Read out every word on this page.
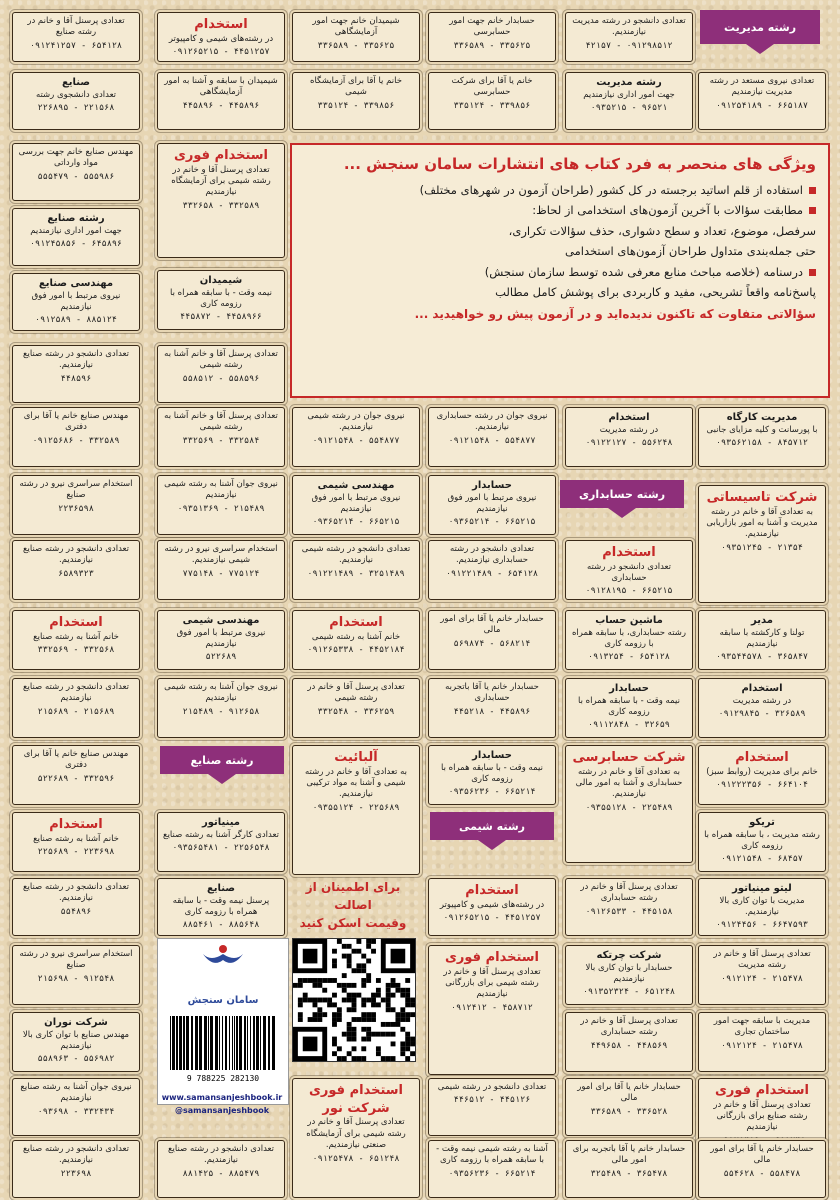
رشته مدیریت
رشته حسابداری
رشته شیمی
رشته صنایع
ویژگی های منحصر به فرد کتاب های انتشارات سامان سنجش ...
استفاده از قلم اساتید برجسته در کل کشور (طراحان آزمون در شهرهای مختلف)
مطابقت سؤالات با آخرین آزمون‌های استخدامی از لحاظ:
سرفصل، موضوع، تعداد و سطح دشواری، حذف سؤالات تکراری،
حتی جمله‌بندی متداول طراحان آزمون‌های استخدامی
درسنامه (خلاصه مباحث منابع معرفی شده توسط سازمان سنجش)
پاسخ‌نامه واقعاً تشریحی، مفید و کاربردی برای پوشش کامل مطالب
سؤالاتی متفاوت که تاکنون ندیده‌اید و در آزمون پیش رو خواهیدید ...
تعدادی دانشجو در رشته مدیریت نیازمندیم.
۴۲۱۵۷ - ۰۹۱۲۹۸۵۱۲
حسابدار خانم جهت امور حسابرسی
۳۳۶۵۸۹ - ۳۳۵۶۲۵
شیمیدان خانم جهت امور آزمایشگاهی
۳۳۶۵۸۹ - ۳۳۵۶۲۵
استخدام
در رشته‌های شیمی و کامپیوتر
۰۹۱۲۶۵۲۱۵ - ۴۴۵۱۲۵۷
تعدادی پرسنل آقا و خانم در رشته صنایع
۰۹۱۲۴۱۲۵۷ - ۶۵۴۱۲۸
تعدادی نیروی مستعد در رشته مدیریت نیازمندیم
۰۹۱۲۵۴۱۸۹ - ۶۶۵۱۸۷
رشته مدیریت
جهت امور اداری نیازمندیم
۰۹۳۵۲۱۵ - ۹۶۵۲۱
خانم یا آقا برای شرکت حسابرسی
۳۳۵۱۲۴ - ۳۳۹۸۵۶
خانم یا آقا برای آزمایشگاه شیمی
۳۳۵۱۲۴ - ۳۳۹۸۵۶
شیمیدان با سابقه و آشنا به امور آزمایشگاهی
۴۴۵۸۹۶ - ۴۴۵۸۹۶
صنایع
تعدادی دانشجوی رشته
۲۲۶۸۹۵ - ۲۲۱۵۶۸
مهندس صنایع خانم جهت بررسی مواد وارداتی
۵۵۵۴۷۹ - ۵۵۵۹۸۶
استخدام فوری
تعدادی پرسنل آقا و خانم در رشته شیمی برای آزمایشگاه نیازمندیم
۳۳۲۶۵۸ - ۳۳۲۵۸۹
رشته صنایع
جهت امور اداری نیازمندیم
۰۹۱۲۴۵۸۵۶ - ۶۴۵۸۹۶
مهندسی صنایع
نیروی مرتبط با امور فوق نیازمندیم
۰۹۱۲۵۸۹ - ۸۸۵۱۲۴
شیمیدان
نیمه وقت - با سابقه همراه با رزومه کاری
۴۴۵۸۷۲ - ۴۴۵۸۹۶۶
تعدادی دانشجو در رشته صنایع نیازمندیم.
۴۴۸۵۹۶
تعدادی پرسنل آقا و خانم آشنا به رشته شیمی
۵۵۸۵۱۲ - ۵۵۸۵۹۶
مدیریت کارگاه
با پورسانت و کلیه مزایای جانبی
۰۹۳۵۶۲۱۵۸ - ۸۴۵۷۱۲
استخدام
در رشته مدیریت
۰۹۱۲۲۱۲۷ - ۵۵۶۲۴۸
نیروی جوان در رشته حسابداری نیازمندیم.
۰۹۱۲۱۵۴۸ - ۵۵۴۸۷۷
نیروی جوان در رشته شیمی نیازمندیم.
۰۹۱۲۱۵۴۸ - ۵۵۴۸۷۷
تعدادی پرسنل آقا و خانم آشنا به رشته شیمی
۳۳۲۵۶۹ - ۳۳۲۵۸۴
مهندس صنایع خانم یا آقا برای دفتری
۰۹۱۲۵۶۸۶ - ۳۳۲۵۸۹
شرکت تاسیساتی
به تعدادی آقا و خانم در رشته مدیریت و آشنا به امور بازاریابی نیازمندیم.
۰۹۳۵۱۲۴۵ - ۲۱۳۵۴
حسابدار
نیروی مرتبط با امور فوق نیازمندیم
۰۹۳۶۵۲۱۴ - ۶۶۵۲۱۵
مهندسی شیمی
نیروی مرتبط با امور فوق نیازمندیم
۰۹۳۶۵۲۱۴ - ۶۶۵۲۱۵
نیروی جوان آشنا به رشته شیمی نیازمندیم
۰۹۳۵۱۳۶۹ - ۲۱۵۴۸۹
استخدام سراسری نیرو در رشته صنایع
۲۲۳۶۵۹۸
استخدام
تعدادی دانشجو در رشته حسابداری
۰۹۱۲۸۱۹۵ - ۶۶۵۲۱۵
تعدادی دانشجو در رشته حسابداری نیازمندیم.
۰۹۱۲۲۱۴۸۹ - ۶۵۴۱۲۸
تعدادی دانشجو در رشته شیمی نیازمندیم.
۰۹۱۲۲۱۴۸۹ - ۳۲۵۱۴۸۹
استخدام سراسری نیرو در رشته شیمی نیازمندیم.
۷۷۵۱۴۸ - ۷۷۵۱۲۴
تعدادی دانشجو در رشته صنایع نیازمندیم.
۶۵۸۹۳۲۳
مدیر
تولنا و کارکشته با سابقه نیازمندیم
۰۹۳۵۴۴۵۷۸ - ۳۶۵۸۴۷
ماشین حساب
رشته حسابداری، با سابقه همراه با رزومه کاری
۰۹۱۳۲۵۴ - ۶۵۴۱۲۸
حسابدار خانم یا آقا برای امور مالی
۵۶۹۸۷۴ - ۵۶۸۲۱۴
استخدام
خانم آشنا به رشته شیمی
۰۹۱۲۶۵۳۳۸ - ۴۴۵۲۱۸۴
مهندسی شیمی
نیروی مرتبط با امور فوق نیازمندیم
۵۲۲۶۸۹
استخدام
خانم آشنا به رشته صنایع
۳۳۲۵۶۹ - ۳۳۲۵۶۸
استخدام
در رشته مدیریت
۰۹۱۲۹۸۴۵ - ۳۲۶۵۸۹
حسابدار
نیمه وقت - با سابقه همراه با رزومه کاری
۰۹۱۱۲۸۴۸ - ۳۲۶۵۹
حسابدار خانم یا آقا باتجربه حسابداری
۴۴۵۲۱۸ - ۴۴۵۸۹۶
تعدادی پرسنل آقا و خانم در رشته شیمی
۳۳۲۵۴۸ - ۳۳۶۲۵۹
نیروی جوان آشنا به رشته شیمی نیازمندیم
۲۱۵۴۸۹ - ۹۱۲۶۵۸
تعدادی دانشجو در رشته صنایع نیازمندیم
۲۱۵۶۸۹ - ۲۱۵۶۸۹
استخدام
خانم برای مدیریت (روابط سبز)
۰۹۱۲۲۲۳۵۶ - ۶۶۴۱۰۴
شرکت حسابرسی
به تعدادی آقا و خانم در رشته حسابداری و آشنا به امور مالی نیازمندیم.
۰۹۳۵۵۱۲۸ - ۲۲۵۴۸۹
حسابدار
نیمه وقت - با سابقه همراه با رزومه کاری
۰۹۳۵۶۲۳۶ - ۶۶۵۲۱۴
آلبائیت
به تعدادی آقا و خانم در رشته شیمی و آشنا به مواد ترکیبی نیازمندیم.
۰۹۳۵۵۱۲۴ - ۲۲۵۶۸۹
مهندس صنایع خانم یا آقا برای دفتری
۵۲۲۶۸۹ - ۳۳۲۵۹۶
تریکو
رشته مدیریت ، با سابقه همراه با رزومه کاری
۰۹۱۲۱۵۴۸ - ۶۸۴۵۷
مینیاتور
تعدادی کارگر آشنا به رشته صنایع
۰۹۳۵۶۵۴۸۱ - ۲۲۵۶۵۴۸
استخدام
خانم آشنا به رشته صنایع
۲۲۵۶۸۹ - ۲۲۳۶۹۸
لیتو مینیاتور
مدیریت با توان کاری بالا نیازمندیم.
۰۹۱۲۴۴۵۶ - ۶۶۴۷۵۹۳
تعدادی پرسنل آقا و خانم در رشته حسابداری
۰۹۱۲۶۵۳۳ - ۴۴۵۱۵۸
استخدام
در رشته‌های شیمی و کامپیوتر
۰۹۱۲۶۵۲۱۵ - ۴۴۵۱۲۵۷
صنایع
پرسنل نیمه وقت - با سابقه همراه با رزومه کاری
۸۸۵۴۶۱ - ۸۸۵۶۴۸
تعدادی دانشجو در رشته صنایع نیازمندیم.
۵۵۴۸۹۶
تعدادی پرسنل آقا و خانم در رشته مدیریت
۰۹۱۲۱۲۴ - ۲۱۵۴۷۸
شرکت چرتکه
حسابدار با توان کاری بالا نیازمندیم
۰۹۱۳۵۲۳۲۴ - ۶۵۱۲۴۸
استخدام فوری
تعدادی پرسنل آقا و خانم در رشته شیمی برای بازرگانی نیازمندیم
۰۹۱۲۴۱۲ - ۴۵۸۷۱۲
استخدام سراسری نیرو در رشته صنایع
۲۱۵۶۹۸ - ۹۱۲۵۴۸
مدیریت با سابقه جهت امور ساختمان تجاری
۰۹۱۲۱۲۴ - ۲۱۵۴۷۸
تعدادی پرسنل آقا و خانم در رشته حسابداری
۴۴۹۶۵۸ - ۴۴۸۵۶۹
شرکت نوران
مهندس صنایع با توان کاری بالا نیازمندیم
۵۵۸۹۶۳ - ۵۵۶۹۸۲
استخدام فوری
تعدادی پرسنل آقا و خانم در رشته صنایع برای بازرگانی نیازمندیم
حسابدار خانم یا آقا برای امور مالی
۳۳۶۵۸۹ - ۳۳۶۵۲۸
تعدادی دانشجو در رشته شیمی
۴۴۶۵۱۲ - ۴۴۵۱۲۶
استخدام فوری شرکت نور
تعدادی پرسنل آقا و خانم در رشته شیمی برای آزمایشگاه صنعتی نیازمندیم.
۰۹۱۲۵۴۷۸ - ۶۵۱۲۴۸
نیروی جوان آشنا به رشته صنایع نیازمندیم
۰۹۳۶۹۸ - ۳۳۲۴۳۴
تعدادی دانشجو در رشته صنایع نیازمندیم.
۲۲۳۶۹۸
تعدادی دانشجو در رشته صنایع نیازمندیم.
۸۸۱۴۲۵ - ۸۸۵۴۷۹
آشنا به رشته شیمی نیمه وقت - با سابقه همراه با رزومه کاری
۰۹۳۵۶۲۳۶ - ۶۶۵۲۱۴
حسابدار خانم یا آقا باتجربه برای امور مالی
۳۲۵۴۸۹ - ۳۶۵۴۷۸
حسابدار خانم یا آقا برای امور مالی
۵۵۴۶۲۸ - ۵۵۸۴۷۸
برای اطمینان از اصالت
وقیمت اسکن کنید
سامان سنجش
9 788225 282130
www.samansanjeshbook.ir
@samansanjeshbook
